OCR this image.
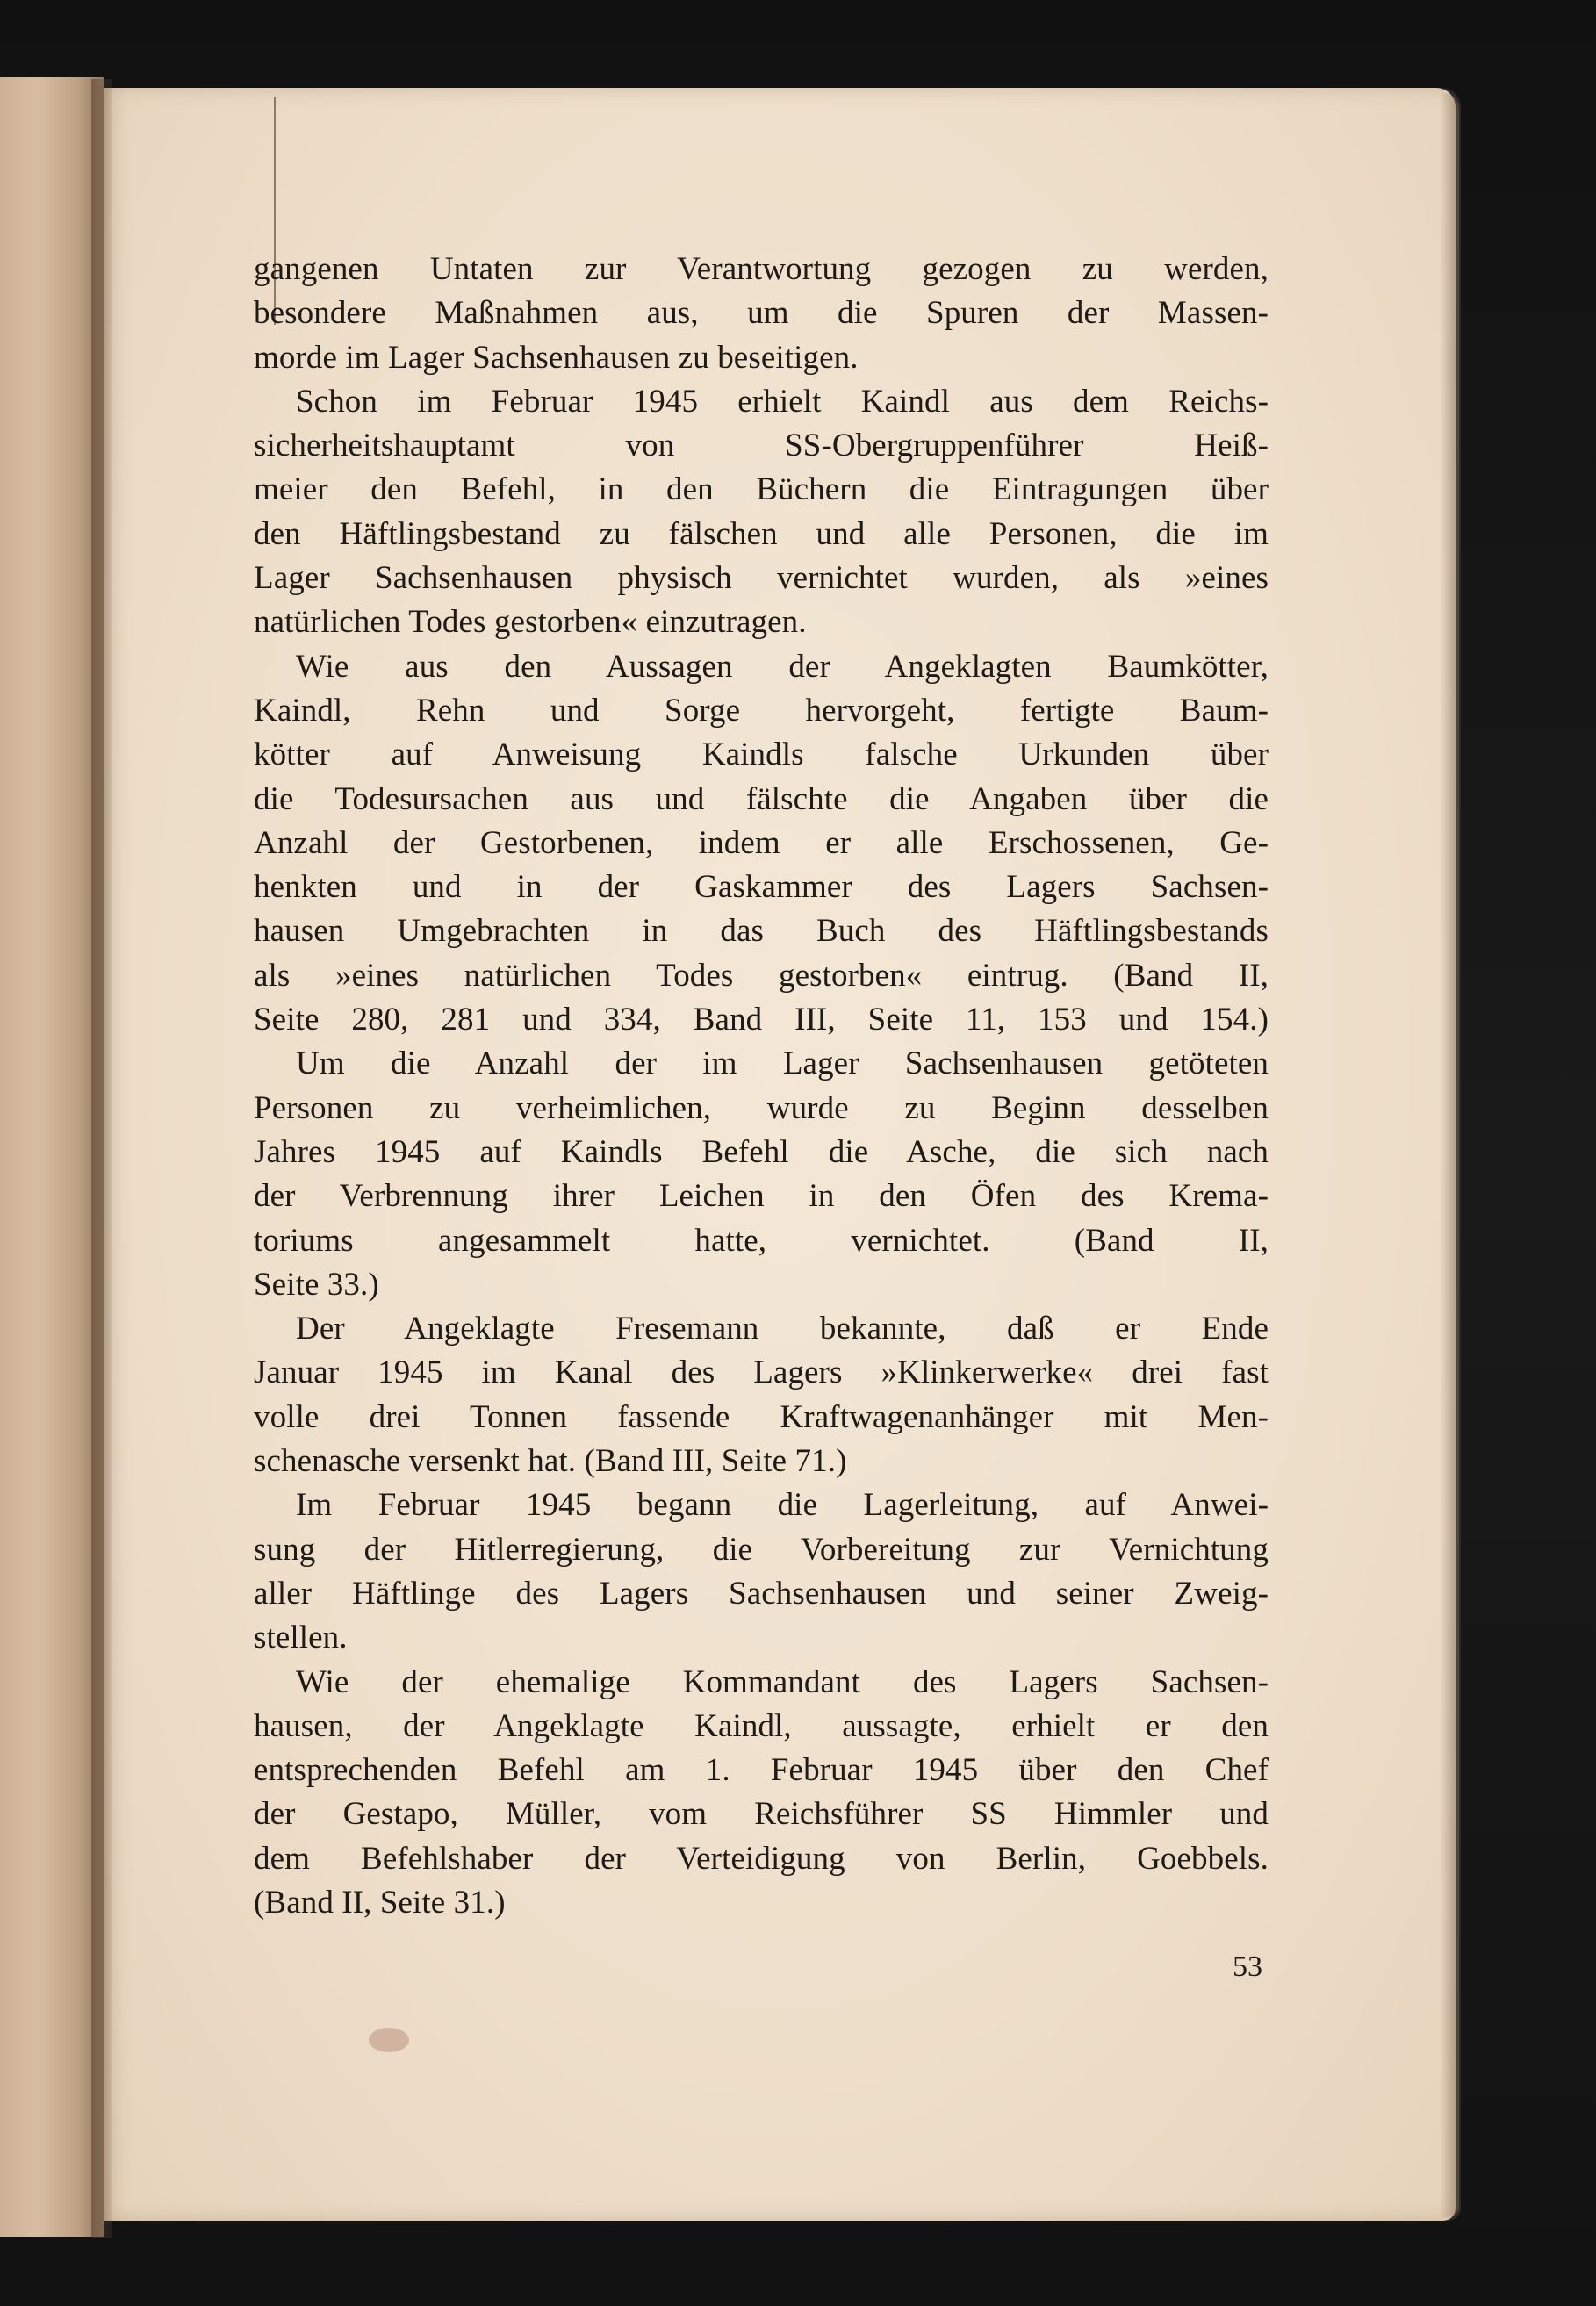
gangenen Untaten zur Verantwortung gezogen zu werden,
besondere Maßnahmen aus, um die Spuren der Massen-
morde im Lager Sachsenhausen zu beseitigen.
Schon im Februar 1945 erhielt Kaindl aus dem Reichs-
sicherheitshauptamt von SS-Obergruppenführer Heiß-
meier den Befehl, in den Büchern die Eintragungen über
den Häftlingsbestand zu fälschen und alle Personen, die im
Lager Sachsenhausen physisch vernichtet wurden, als »eines
natürlichen Todes gestorben« einzutragen.
Wie aus den Aussagen der Angeklagten Baumkötter,
Kaindl, Rehn und Sorge hervorgeht, fertigte Baum-
kötter auf Anweisung Kaindls falsche Urkunden über
die Todesursachen aus und fälschte die Angaben über die
Anzahl der Gestorbenen, indem er alle Erschossenen, Ge-
henkten und in der Gaskammer des Lagers Sachsen-
hausen Umgebrachten in das Buch des Häftlingsbestands
als »eines natürlichen Todes gestorben« eintrug. (Band II,
Seite 280, 281 und 334, Band III, Seite 11, 153 und 154.)
Um die Anzahl der im Lager Sachsenhausen getöteten
Personen zu verheimlichen, wurde zu Beginn desselben
Jahres 1945 auf Kaindls Befehl die Asche, die sich nach
der Verbrennung ihrer Leichen in den Öfen des Krema-
toriums angesammelt hatte, vernichtet. (Band II,
Seite 33.)
Der Angeklagte Fresemann bekannte, daß er Ende
Januar 1945 im Kanal des Lagers »Klinkerwerke« drei fast
volle drei Tonnen fassende Kraftwagenanhänger mit Men-
schenasche versenkt hat. (Band III, Seite 71.)
Im Februar 1945 begann die Lagerleitung, auf Anwei-
sung der Hitlerregierung, die Vorbereitung zur Vernichtung
aller Häftlinge des Lagers Sachsenhausen und seiner Zweig-
stellen.
Wie der ehemalige Kommandant des Lagers Sachsen-
hausen, der Angeklagte Kaindl, aussagte, erhielt er den
entsprechenden Befehl am 1. Februar 1945 über den Chef
der Gestapo, Müller, vom Reichsführer SS Himmler und
dem Befehlshaber der Verteidigung von Berlin, Goebbels.
(Band II, Seite 31.)
53
